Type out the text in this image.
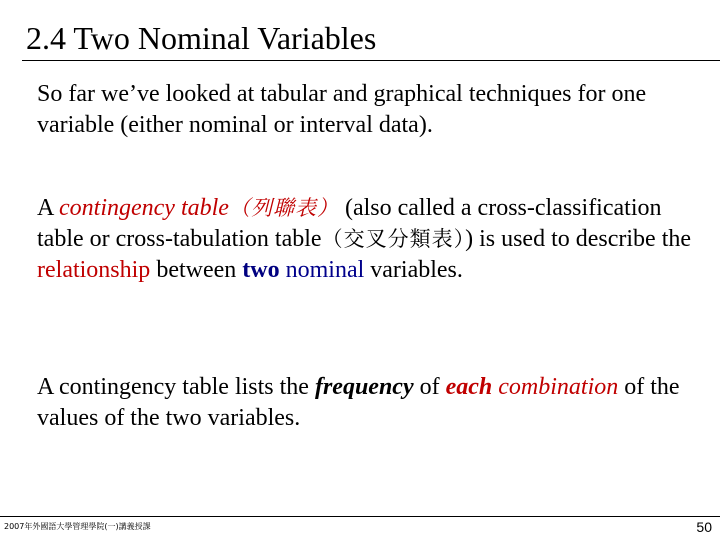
2.4 Two Nominal Variables

So far we’ve looked at tabular and graphical techniques for one variable (either nominal or interval data).

A contingency table（列聯表） (also called a cross-classification table or cross-tabulation table（交叉分類表）) is used to describe the relationship between two nominal variables.

A contingency table lists the frequency of each combination of the values of the two variables.

2007年外國語大學管理學院(一)講義授課	50
